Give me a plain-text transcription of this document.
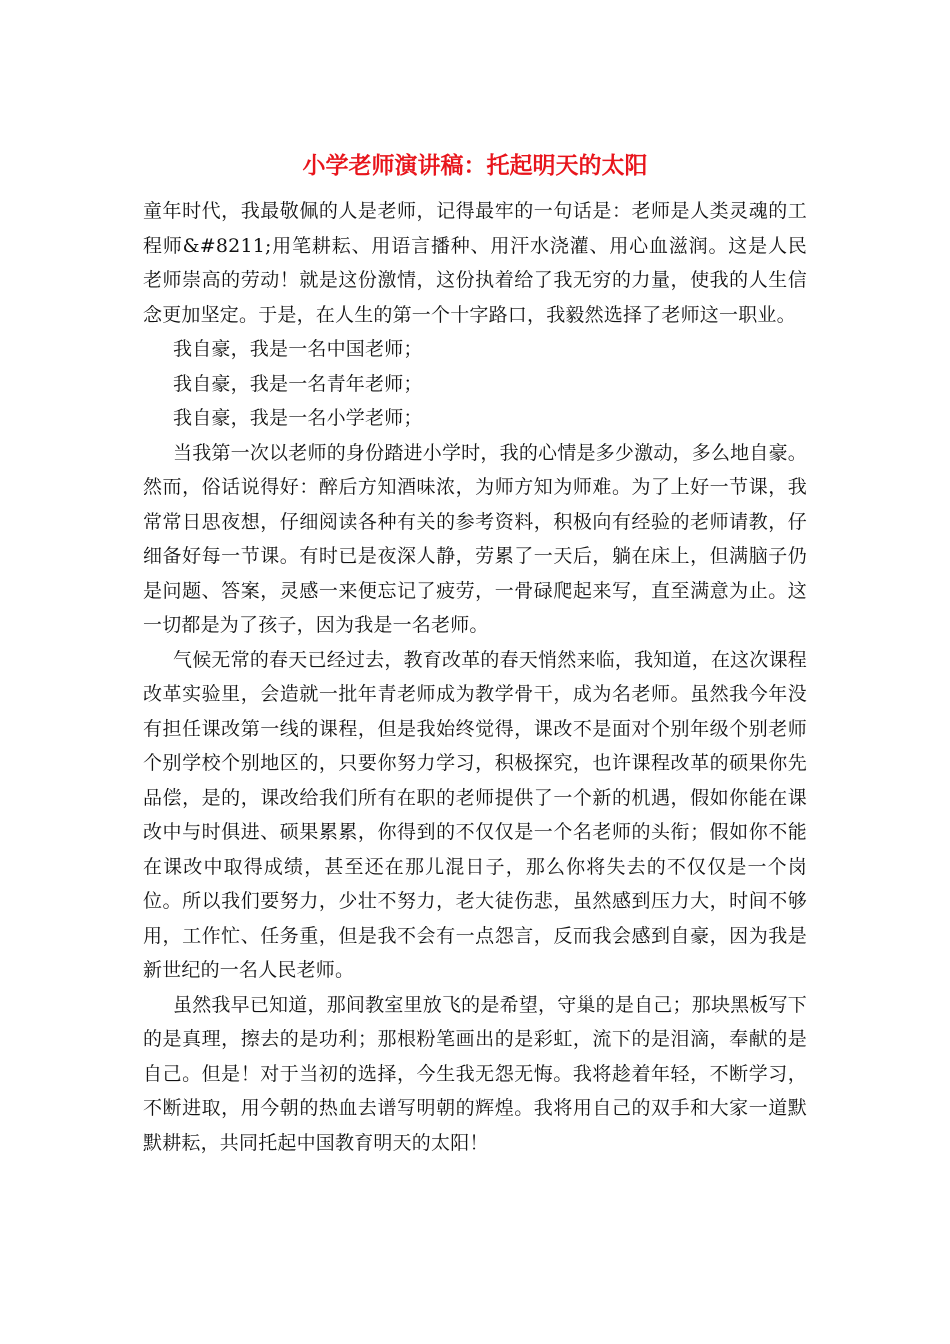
小学老师演讲稿：托起明天的太阳

童年时代，我最敬佩的人是老师，记得最牢的一句话是：老师是人类灵魂的工程师&#8211;用笔耕耘、用语言播种、用汗水浇灌、用心血滋润。这是人民老师崇高的劳动！就是这份激情，这份执着给了我无穷的力量，使我的人生信念更加坚定。于是，在人生的第一个十字路口，我毅然选择了老师这一职业。

我自豪，我是一名中国老师；

我自豪，我是一名青年老师；

我自豪，我是一名小学老师；

当我第一次以老师的身份踏进小学时，我的心情是多少激动，多么地自豪。然而，俗话说得好：醉后方知酒味浓，为师方知为师难。为了上好一节课，我常常日思夜想，仔细阅读各种有关的参考资料，积极向有经验的老师请教，仔细备好每一节课。有时已是夜深人静，劳累了一天后，躺在床上，但满脑子仍是问题、答案，灵感一来便忘记了疲劳，一骨碌爬起来写，直至满意为止。这一切都是为了孩子，因为我是一名老师。

气候无常的春天已经过去，教育改革的春天悄然来临，我知道，在这次课程改革实验里，会造就一批年青老师成为教学骨干，成为名老师。虽然我今年没有担任课改第一线的课程，但是我始终觉得，课改不是面对个别年级个别老师个别学校个别地区的，只要你努力学习，积极探究，也许课程改革的硕果你先品偿，是的，课改给我们所有在职的老师提供了一个新的机遇，假如你能在课改中与时俱进、硕果累累，你得到的不仅仅是一个名老师的头衔；假如你不能在课改中取得成绩，甚至还在那儿混日子，那么你将失去的不仅仅是一个岗位。所以我们要努力，少壮不努力，老大徒伤悲，虽然感到压力大，时间不够用，工作忙、任务重，但是我不会有一点怨言，反而我会感到自豪，因为我是新世纪的一名人民老师。

虽然我早已知道，那间教室里放飞的是希望，守巢的是自己；那块黑板写下的是真理，擦去的是功利；那根粉笔画出的是彩虹，流下的是泪滴，奉献的是自己。但是！对于当初的选择，今生我无怨无悔。我将趁着年轻，不断学习，不断进取，用今朝的热血去谱写明朝的辉煌。我将用自己的双手和大家一道默默耕耘，共同托起中国教育明天的太阳！
